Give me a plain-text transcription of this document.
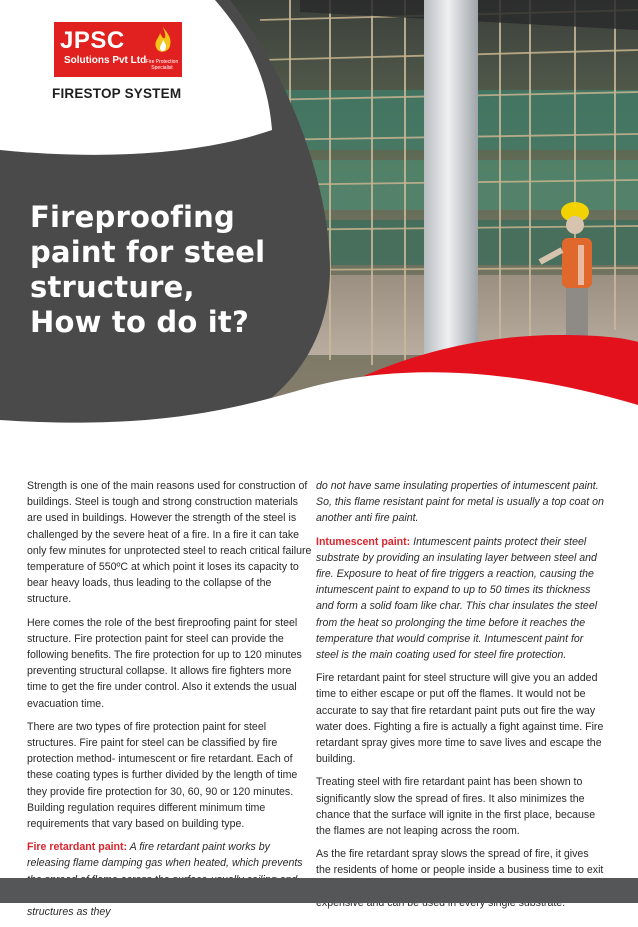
JPSC
Solutions Pvt Ltd Fire Protection Specialist
FIRESTOP SYSTEM
Fireproofing
paint for steel
structure,
How to do it?

Strength is one of the main reasons used for construction of buildings. Steel is tough and strong construction materials are used in buildings. However the strength of the steel is challenged by the severe heat of a fire. In a fire it can take only few minutes for unprotected steel to reach critical failure temperature of 550ºC at which point it loses its capacity to bear heavy loads, thus leading to the collapse of the structure.

Here comes the role of the best fireproofing paint for steel structure. Fire protection paint for steel can provide the following benefits. The fire protection for up to 120 minutes preventing structural collapse. It allows fire fighters more time to get the fire under control. Also it extends the usual evacuation time.

There are two types of fire protection paint for steel structures. Fire paint for steel can be classified by fire protection method- intumescent or fire retardant. Each of these coating types is further divided by the length of time they provide fire protection for 30, 60, 90 or 120 minutes. Building regulation requires different minimum time requirements that vary based on building type.

Fire retardant paint: A fire retardant paint works by releasing flame damping gas when heated, which prevents structures as they

do not have same insulating properties of intumescent paint. So, this flame resistant paint for metal is usually a top coat on another anti fire paint.

Intumescent paint: Intumescent paints protect their steel substrate by providing an insulating layer between steel and fire. Exposure to heat of fire triggers a reaction, causing the intumescent paint to expand to up to 50 times its thickness and form a solid foam like char. This char insulates the steel from the heat so prolonging the time before it reaches the temperature that would comprise it. Intumescent paint for steel is the main coating used for steel fire protection.

Fire retardant paint for steel structure will give you an added time to either escape or put off the flames. It would not be accurate to say that fire retardant paint puts out fire the way water does. Fighting a fire is actually a fight against time. Fire retardant spray gives more time to save lives and escape the building.

Treating steel with fire retardant paint has been shown to significantly slow the spread of fires. It also minimizes the chance that the surface will ignite in the first place, because the flames are not leaping across the room.

As the fire retardant spray slows the spread of fire, it gives the residents of home or people inside a business time to exit
